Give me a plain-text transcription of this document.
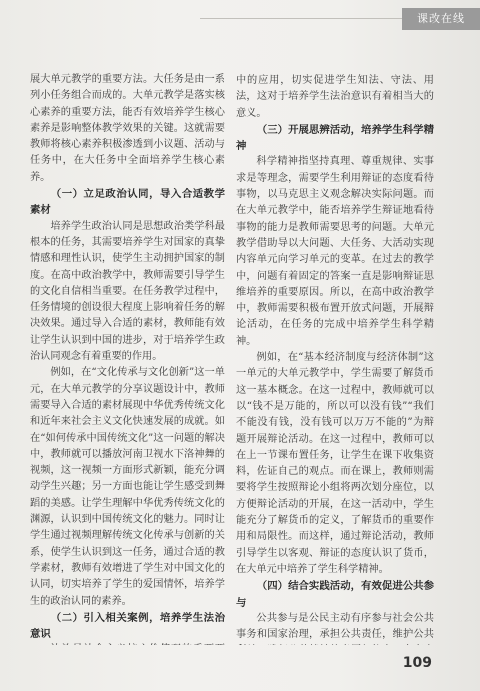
课改在线

展大单元教学的重要方法。大任务是由一系列小任务组合而成的。大单元教学是落实核心素养的重要方法，能否有效培养学生核心素养是影响整体教学效果的关键。这就需要教师将核心素养积极渗透到小议题、活动与任务中，在大任务中全面培养学生核心素养。

（一）立足政治认同，导入合适教学素材

培养学生政治认同是思想政治类学科最根本的任务，其需要培养学生对国家的真挚情感和理性认识，使学生主动拥护国家的制度。在高中政治教学中，教师需要引导学生的文化自信相当重要。在任务教学过程中，任务情境的创设很大程度上影响着任务的解决效果。通过导入合适的素材，教师能有效让学生认识到中国的进步，对于培养学生政治认同观念有着重要的作用。

例如，在“文化传承与文化创新”这一单元，在大单元教学的分享议题设计中，教师需要导入合适的素材展现中华优秀传统文化和近年来社会主义文化快速发展的成就。如在“如何传承中国传统文化”这一问题的解决中，教师就可以播放河南卫视水下洛神舞的视频，这一视频一方面形式新颖，能充分调动学生兴趣；另一方面也能让学生感受到舞蹈的美感。让学生理解中华优秀传统文化的渊源，认识到中国传统文化的魅力。同时让学生通过视频理解传统文化传承与创新的关系，使学生认识到这一任务，通过合适的教学素材，教师有效增进了学生对中国文化的认同，切实培养了学生的爱国情怀，培养学生的政治认同的素养。

（二）引入相关案例，培养学生法治意识

中的应用，切实促进学生知法、守法、用法，这对于培养学生法治意识有着相当大的意义。

（三）开展思辨活动，培养学生科学精神

科学精神指坚持真理、尊重规律、实事求是等理念，需要学生利用辩证的态度看待事物，以马克思主义观念解决实际问题。而在大单元教学中，能否培养学生辩证地看待事物的能力是教师需要思考的问题。大单元教学借助导以大问题、大任务、大活动实现内容单元向学习单元的变革。在过去的教学中，问题有着固定的答案一直是影响辩证思维培养的重要原因。所以，在高中政治教学中，教师需要积极布置开放式问题，开展辩论活动，在任务的完成中培养学生科学精神。

例如，在“基本经济制度与经济体制”这一单元的大单元教学中，学生需要了解货币这一基本概念。在这一过程中，教师就可以以“钱不是万能的，所以可以没有钱”“我们不能没有钱，没有钱可以万万不能的”为辩题开展辩论活动。在这一过程中，教师可以在上一节课布置任务，让学生在课下收集资料，佐证自己的观点。而在课上，教师则需要将学生按照辩论小组将两次划分座位，以方便辩论活动的开展，在这一活动中，学生能充分了解货币的定义，了解货币的重要作用和局限性。而这样，通过辩论活动，教师引导学生以客观、辩证的态度认识了货币，在大单元中培养了学生科学精神。

（四）结合实践活动，有效促进公共参与

公共参与是公民主动有序参与社会公共事务和国家治理，承担公共责任，维护公共

109
